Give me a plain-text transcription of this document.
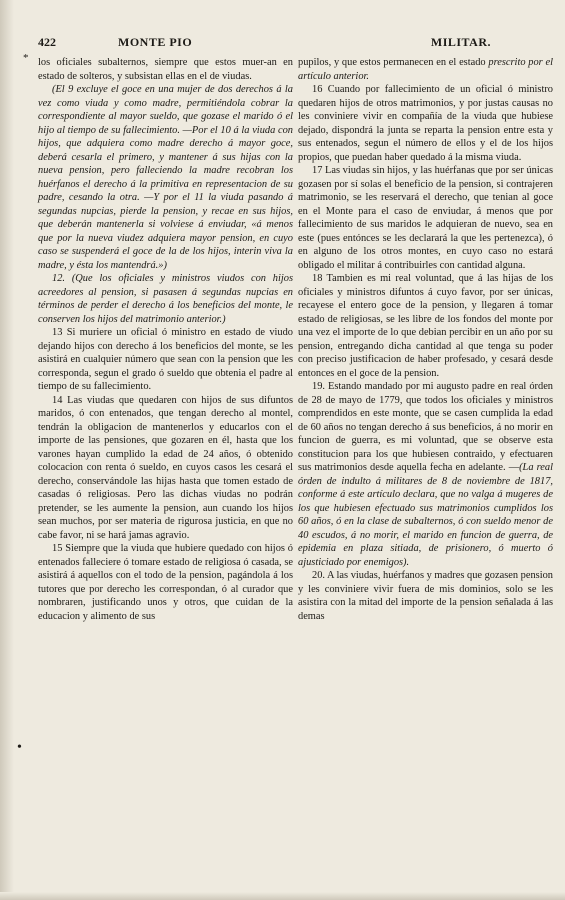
*
•
422	MONTE PIO	MILITAR.

los oficiales subalternos, siempre que estos muer-an en estado de solteros, y subsistan ellas en el de viudas.

(El 9 excluye el goce en una mujer de dos derechos á la vez como viuda y como madre, permitiéndola cobrar la correspondiente al mayor sueldo, que gozase el marido ó el hijo al tiempo de su fallecimiento. —Por el 10 á la viuda con hijos, que adquiera como madre derecho á mayor goce, deberá cesarla el primero, y mantener á sus hijas con la nueva pension, pero falleciendo la madre recobran los huérfanos el derecho á la primitiva en representacion de su padre, cesando la otra. —Y por el 11 la viuda pasando á segundas nupcias, pierde la pension, y recae en sus hijos, que deberán mantenerla si volviese á enviudar, «á menos que por la nueva viudez adquiera mayor pension, en cuyo caso se suspenderá el goce de la de los hijos, interin viva la madre, y ésta los mantendrá.»)

12. (Que los oficiales y ministros viudos con hijos acreedores al pension, si pasasen á segundas nupcias en términos de perder el derecho á los beneficios del monte, le conserven los hijos del matrimonio anterior.)

13 Si muriere un oficial ó ministro en estado de viudo dejando hijos con derecho á los beneficios del monte, se les asistirá en cualquier número que sean con la pension que les corresponda, segun el grado ó sueldo que obtenia el padre al tiempo de su fallecimiento.

14 Las viudas que quedaren con hijos de sus difuntos maridos, ó con entenados, que tengan derecho al montel, tendrán la obligacion de mantenerlos y educarlos con el importe de las pensiones, que gozaren en él, hasta que los varones hayan cumplido la edad de 24 años, ó obtenido colocacion con renta ó sueldo, en cuyos casos les cesará el derecho, conservándole las hijas hasta que tomen estado de casadas ó religiosas. Pero las dichas viudas no podrán pretender, se les aumente la pension, aun cuando los hijos sean muchos, por ser materia de rigurosa justicia, en que no cabe favor, ni se hará jamas agravio.

15 Siempre que la viuda que hubiere quedado con hijos ó entenados falleciere ó tomare estado de religiosa ó casada, se asistirá á aquellos con el todo de la pension, pagándola á los tutores que por derecho les correspondan, ó al curador que nombraren, justificando unos y otros, que cuidan de la educacion y alimento de sus

pupilos, y que estos permanecen en el estado prescrito por el artículo anterior.

16 Cuando por fallecimiento de un oficial ó ministro quedaren hijos de otros matrimonios, y por justas causas no les conviniere vivir en compañía de la viuda que hubiese dejado, dispondrá la junta se reparta la pension entre esta y sus entenados, segun el número de ellos y el de los hijos propios, que puedan haber quedado á la misma viuda.

17 Las viudas sin hijos, y las huérfanas que por ser únicas gozasen por sí solas el beneficio de la pension, si contrajeren matrimonio, se les reservará el derecho, que tenian al goce en el Monte para el caso de enviudar, á menos que por fallecimiento de sus maridos le adquieran de nuevo, sea en este (pues entónces se les declarará la que les pertenezca), ó en alguno de los otros montes, en cuyo caso no estará obligado el militar á contribuirles con cantidad alguna.

18 Tambien es mi real voluntad, que á las hijas de los oficiales y ministros difuntos á cuyo favor, por ser únicas, recayese el entero goce de la pension, y llegaren á tomar estado de religiosas, se les libre de los fondos del monte por una vez el importe de lo que debian percibir en un año por su pension, entregando dicha cantidad al que tenga su poder con preciso justificacion de haber profesado, y cesará desde entonces en el goce de la pension.

19. Estando mandado por mi augusto padre en real órden de 28 de mayo de 1779, que todos los oficiales y ministros comprendidos en este monte, que se casen cumplida la edad de 60 años no tengan derecho á sus beneficios, á no morir en funcion de guerra, es mi voluntad, que se observe esta constitucion para los que hubiesen contraido, y efectuaren sus matrimonios desde aquella fecha en adelante. —(La real órden de indulto á militares de 8 de noviembre de 1817, conforme á este artículo declara, que no valga á mugeres de los que hubiesen efectuado sus matrimonios cumplidos los 60 años, ó en la clase de subalternos, ó con sueldo menor de 40 escudos, á no morir, el marido en funcion de guerra, de epidemia en plaza sitiada, de prisionero, ó muerto ó ajusticiado por enemigos).

20. A las viudas, huérfanos y madres que gozasen pension y les conviniere vivir fuera de mis dominios, solo se les asistira con la mitad del importe de la pension señalada á las demas
